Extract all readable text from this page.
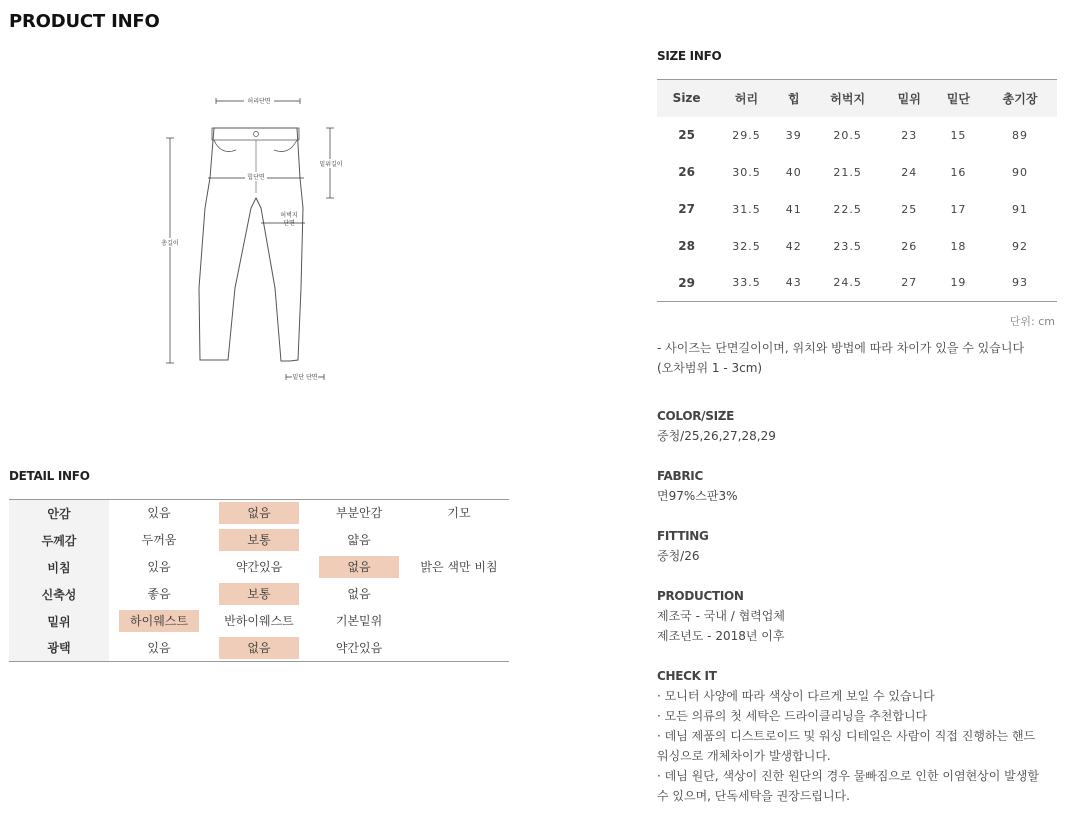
PRODUCT INFO
허리단면
총길이
밑위길이
힙단면
허벅지
단면
밑단 단면
DETAIL INFO
안감	있음	없음	부분안감	기모
두께감	두꺼움	보통	얇음	
비침	있음	약간있음	없음	밝은 색만 비침
신축성	좋음	보통	없음	
밑위	하이웨스트	반하이웨스트	기본밑위	
광택	있음	없음	약간있음	
SIZE INFO
Size	허리	힙	허벅지	밑위	밑단	총기장
25	29.5	39	20.5	23	15	89
26	30.5	40	21.5	24	16	90
27	31.5	41	22.5	25	17	91
28	32.5	42	23.5	26	18	92
29	33.5	43	24.5	27	19	93
단위: cm
- 사이즈는 단면길이이며, 위치와 방법에 따라 차이가 있을 수 있습니다
(오차범위 1 - 3cm)
COLOR/SIZE
중청/25,26,27,28,29
FABRIC
면97%스판3%
FITTING
중청/26
PRODUCTION
제조국 - 국내 / 협력업체
제조년도 - 2018년 이후
CHECK IT
· 모니터 사양에 따라 색상이 다르게 보일 수 있습니다
· 모든 의류의 첫 세탁은 드라이클리닝을 추천합니다
· 데님 제품의 디스트로이드 및 워싱 디테일은 사람이 직접 진행하는 핸드
워싱으로 개체차이가 발생합니다.
· 데님 원단, 색상이 진한 원단의 경우 물빠짐으로 인한 이염현상이 발생할
수 있으며, 단독세탁을 권장드립니다.
